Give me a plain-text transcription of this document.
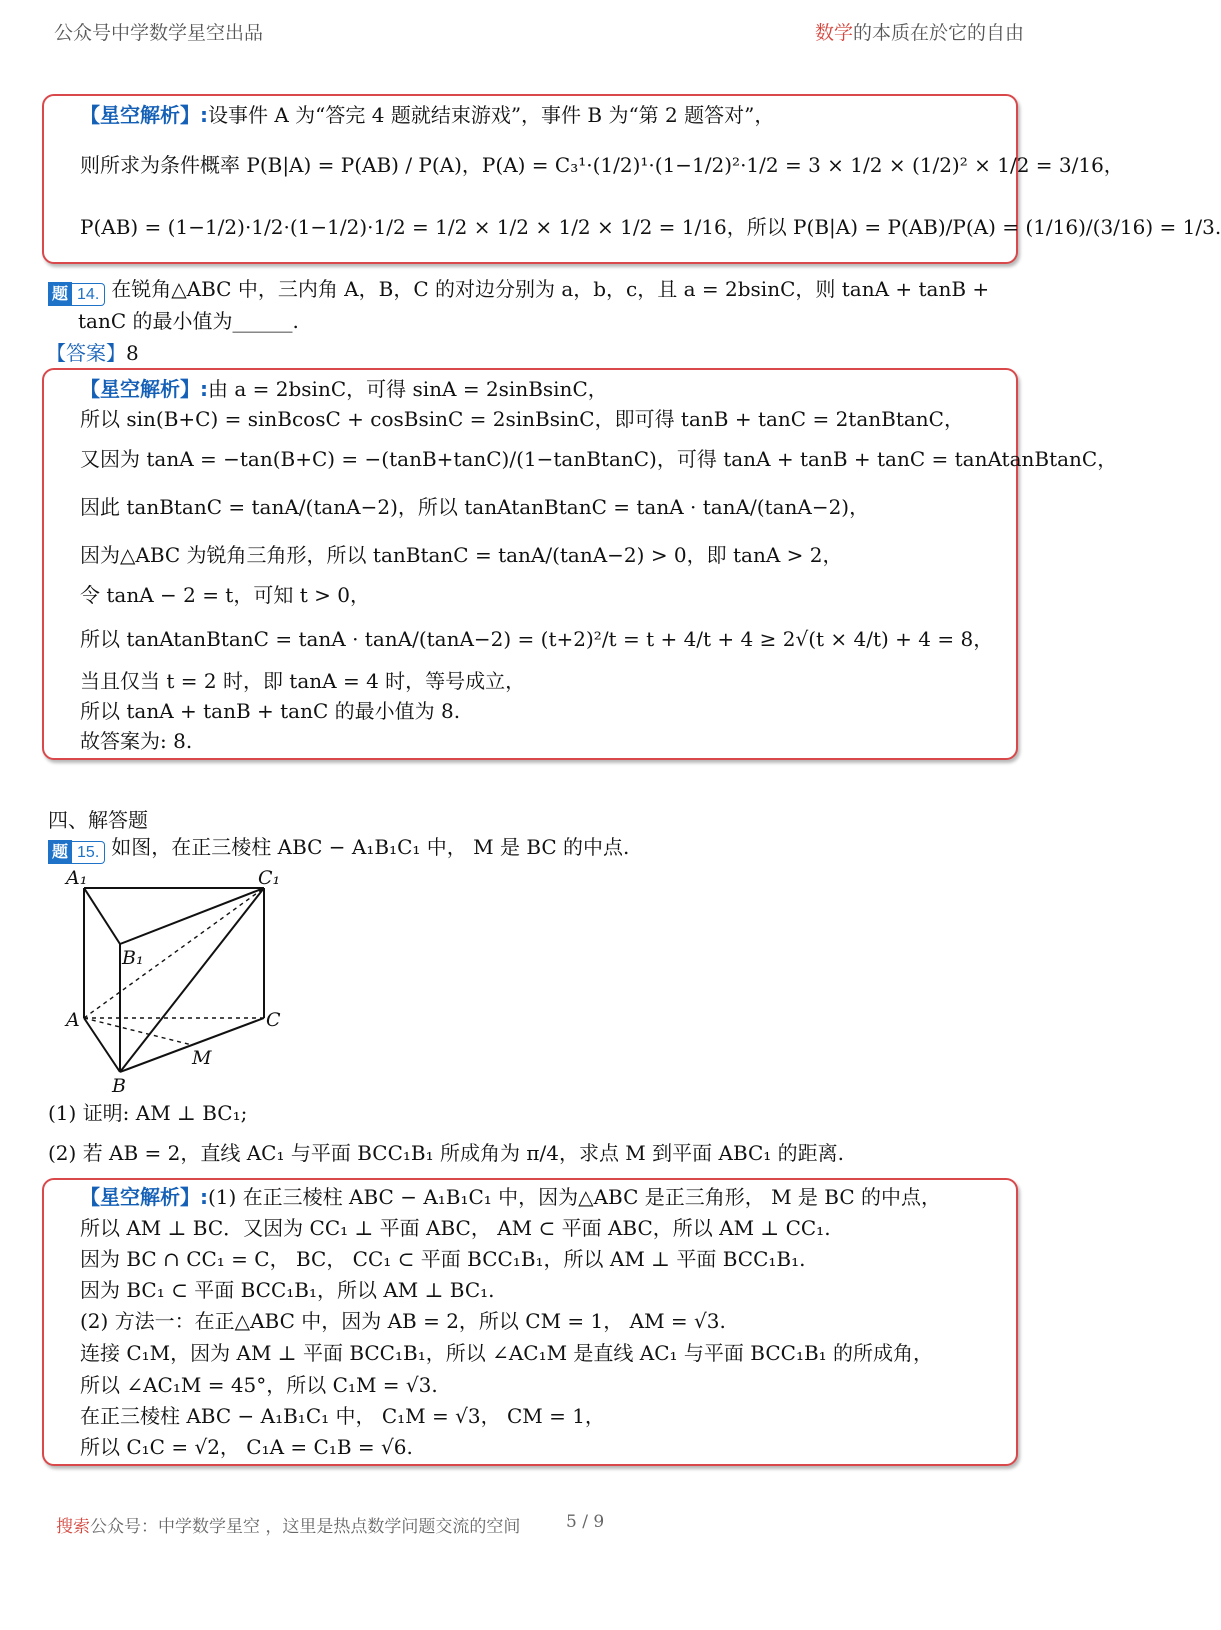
公众号中学数学星空出品	数学的本质在於它的自由
【星空解析】:设事件 A 为“答完 4 题就结束游戏”，事件 B 为“第 2 题答对”，
则所求为条件概率 P(B|A) = P(AB) / P(A)，P(A) = C₃¹·(1/2)¹·(1−1/2)²·1/2 = 3 × 1/2 × (1/2)² × 1/2 = 3/16，
P(AB) = (1−1/2)·1/2·(1−1/2)·1/2 = 1/2 × 1/2 × 1/2 × 1/2 = 1/16，所以 P(B|A) = P(AB)/P(A) = (1/16)/(3/16) = 1/3.
题 14. 在锐角△ABC 中，三内角 A，B，C 的对边分别为 a，b，c，且 a = 2bsinC，则 tanA + tanB +
tanC 的最小值为______.
【答案】8
【星空解析】:由 a = 2bsinC，可得 sinA = 2sinBsinC，
所以 sin(B+C) = sinBcosC + cosBsinC = 2sinBsinC，即可得 tanB + tanC = 2tanBtanC，
又因为 tanA = −tan(B+C) = −(tanB+tanC)/(1−tanBtanC)，可得 tanA + tanB + tanC = tanAtanBtanC，
因此 tanBtanC = tanA/(tanA−2)，所以 tanAtanBtanC = tanA · tanA/(tanA−2)，
因为△ABC 为锐角三角形，所以 tanBtanC = tanA/(tanA−2) > 0，即 tanA > 2，
令 tanA − 2 = t，可知 t > 0，
所以 tanAtanBtanC = tanA · tanA/(tanA−2) = (t+2)²/t = t + 4/t + 4 ≥ 2√(t × 4/t) + 4 = 8，
当且仅当 t = 2 时，即 tanA = 4 时，等号成立，
所以 tanA + tanB + tanC 的最小值为 8.
故答案为: 8.
四、解答题
题 15. 如图，在正三棱柱 ABC − A₁B₁C₁ 中， M 是 BC 的中点.
A₁	C₁
B₁
A	C
M
B
(1) 证明: AM ⊥ BC₁;
(2) 若 AB = 2，直线 AC₁ 与平面 BCC₁B₁ 所成角为 π/4，求点 M 到平面 ABC₁ 的距离.
【星空解析】:(1) 在正三棱柱 ABC − A₁B₁C₁ 中，因为△ABC 是正三角形， M 是 BC 的中点，
所以 AM ⊥ BC．又因为 CC₁ ⊥ 平面 ABC， AM ⊂ 平面 ABC，所以 AM ⊥ CC₁.
因为 BC ∩ CC₁ = C， BC， CC₁ ⊂ 平面 BCC₁B₁，所以 AM ⊥ 平面 BCC₁B₁.
因为 BC₁ ⊂ 平面 BCC₁B₁，所以 AM ⊥ BC₁.
(2) 方法一：在正△ABC 中，因为 AB = 2，所以 CM = 1， AM = √3.
连接 C₁M，因为 AM ⊥ 平面 BCC₁B₁，所以 ∠AC₁M 是直线 AC₁ 与平面 BCC₁B₁ 的所成角，
所以 ∠AC₁M = 45°，所以 C₁M = √3.
在正三棱柱 ABC − A₁B₁C₁ 中， C₁M = √3， CM = 1，
所以 C₁C = √2， C₁A = C₁B = √6.
搜索公众号：中学数学星空 ，这里是热点数学问题交流的空间	5 / 9
